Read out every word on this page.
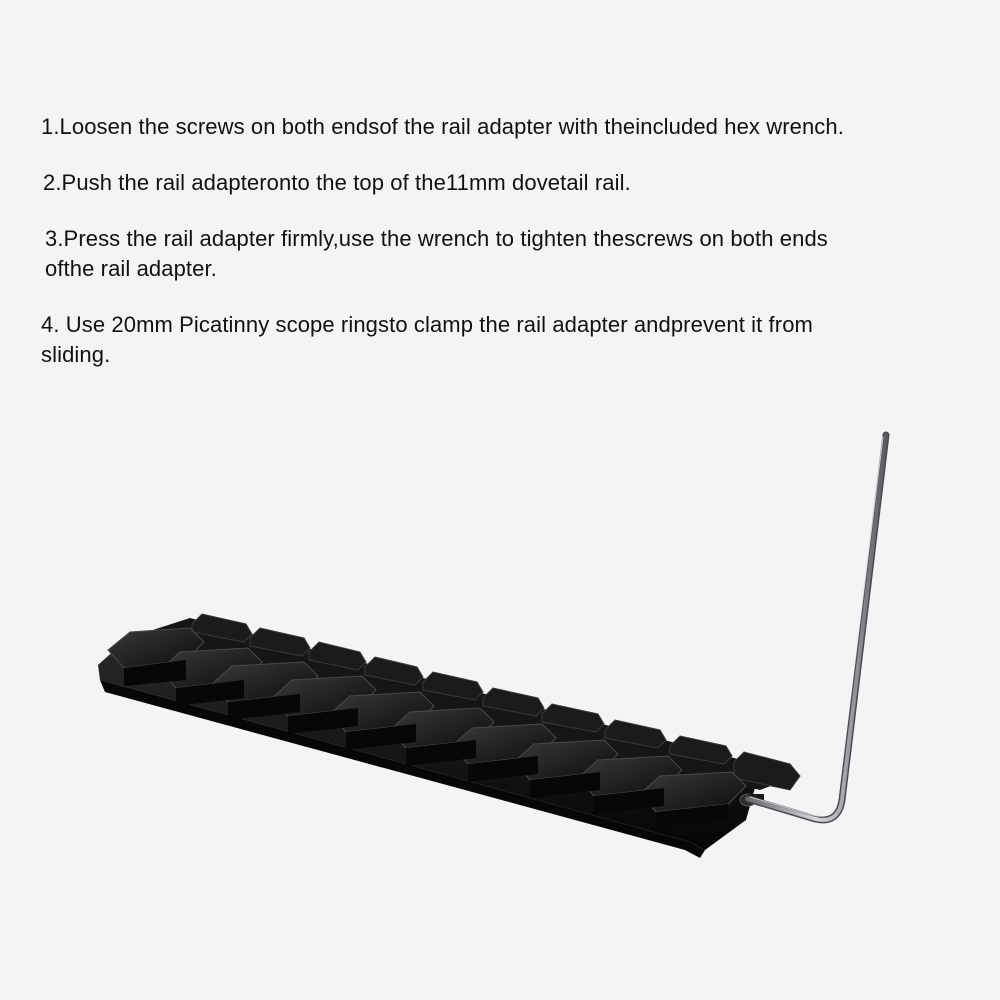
1.Loosen the screws on both endsof the rail adapter with theincluded hex wrench.

2.Push the rail adapteronto the top of the11mm dovetail rail.

3.Press the rail adapter firmly,use the wrench to tighten thescrews on both ends
ofthe rail adapter.

4. Use 20mm Picatinny scope ringsto clamp the rail adapter andprevent it from
sliding.
